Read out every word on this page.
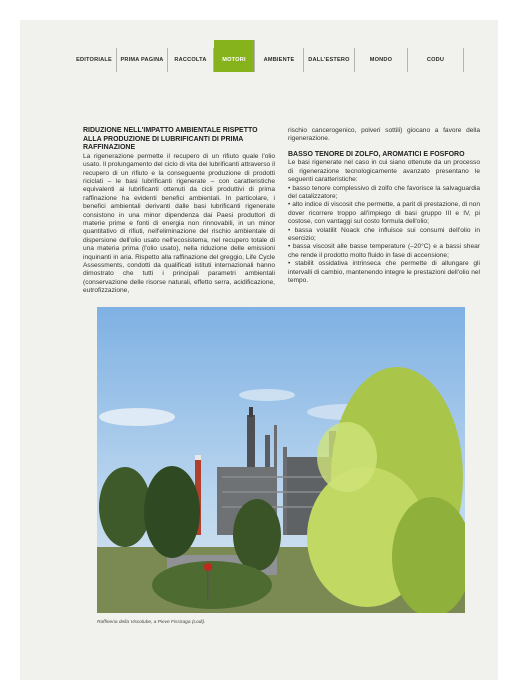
EDITORIALE	PRIMA PAGINA	RACCOLTA	MOTORI	AMBIENTE	DALL'ESTERO	MONDO	CODU
RIDUZIONE NELL'IMPATTO AMBIENTALE RISPETTO ALLA PRODUZIONE DI LUBRIFICANTI DI PRIMA RAFFINAZIONE

La rigenerazione permette il recupero di un rifiuto quale l'olio usato. Il prolungamento del ciclo di vita dei lubrificanti attraverso il recupero di un rifiuto e la conseguente produzione di prodotti riciclati – le basi lubrificanti rigenerate – con caratteristiche equivalenti ai lubrificanti ottenuti da cicli produttivi di prima raffinazione ha evidenti benefici ambientali. In particolare, i benefici ambientali derivanti dalle basi lubrificanti rigenerate consistono in una minor dipendenza dai Paesi produttori di materie prime e fonti di energia non rinnovabili, in un minor quantitativo di rifiuti, nell'eliminazione del rischio ambientale di dispersione dell'olio usato nell'ecosistema, nel recupero totale di una materia prima (l'olio usato), nella riduzione delle emissioni inquinanti in aria. Rispetto alla raffinazione del greggio, Life Cycle Assessments, condotti da qualificati istituti internazionali hanno dimostrato che tutti i principali parametri ambientali (conservazione delle risorse naturali, effetto serra, acidificazione, eutrofizzazione,

rischio cancerogenico, polveri sottili) giocano a favore della rigenerazione.

BASSO TENORE DI ZOLFO, AROMATICI E FOSFORO

Le basi rigenerate nel caso in cui siano ottenute da un processo di rigenerazione tecnologicamente avanzato presentano le seguenti caratteristiche:

• basso tenore complessivo di zolfo che favorisce la salvaguardia del catalizzatore;

• alto indice di viscosit che permette, a parit di prestazione, di non dover ricorrere troppo all'impiego di basi gruppo III e IV, pi costose, con vantaggi sul costo formula dell'olio;

• bassa volatilit Noack che influisce sui consumi dell'olio in esercizio;

• bassa viscosit alle basse temperature (–20°C) e a bassi shear che rende il prodotto molto fluido in fase di accensione;

• stabilit ossidativa intrinseca che permette di allungare gli intervalli di cambio, mantenendo integre le prestazioni dell'olio nel tempo.

Raffineria della Viscolube, a Pieve Fissiraga (Lodi).
